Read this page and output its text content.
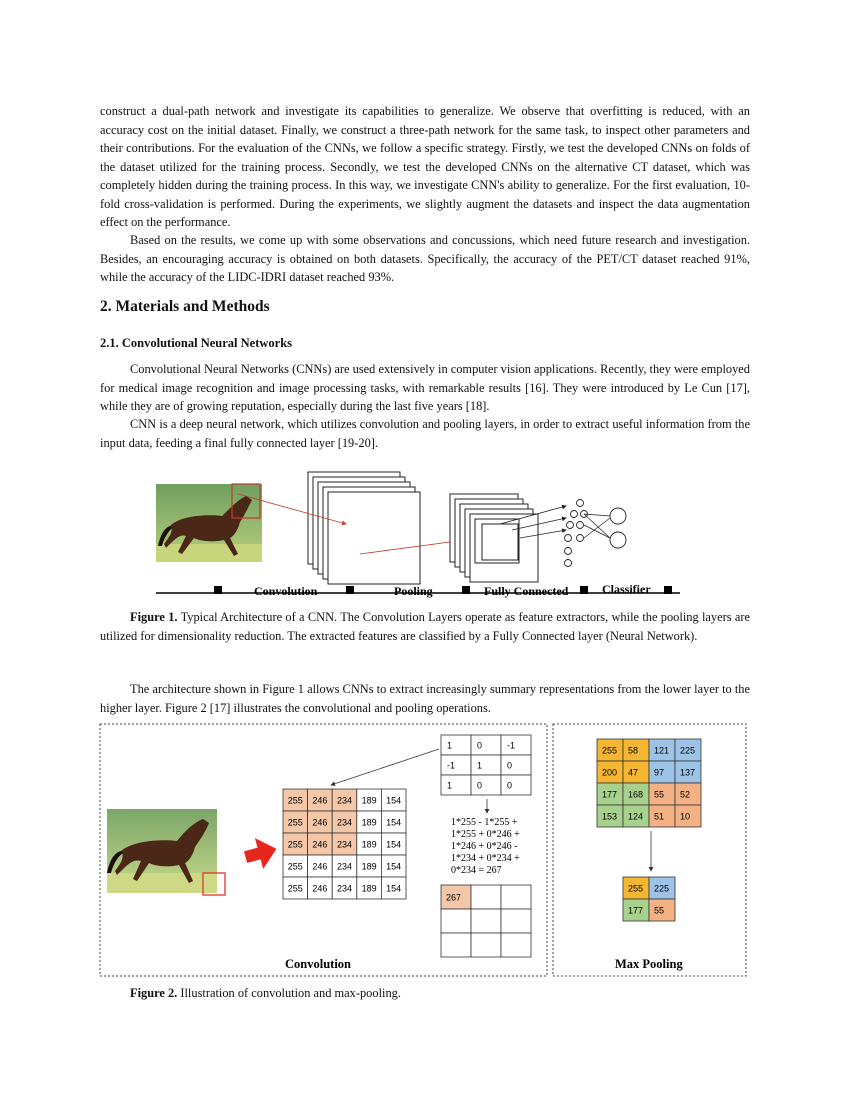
construct a dual-path network and investigate its capabilities to generalize. We observe that overfitting is reduced, with an accuracy cost on the initial dataset. Finally, we construct a three-path network for the same task, to inspect other parameters and their contributions. For the evaluation of the CNNs, we follow a specific strategy. Firstly, we test the developed CNNs on folds of the dataset utilized for the training process. Secondly, we test the developed CNNs on the alternative CT dataset, which was completely hidden during the training process. In this way, we investigate CNN's ability to generalize. For the first evaluation, 10-fold cross-validation is performed. During the experiments, we slightly augment the datasets and inspect the data augmentation effect on the performance.

Based on the results, we come up with some observations and concussions, which need future research and investigation. Besides, an encouraging accuracy is obtained on both datasets. Specifically, the accuracy of the PET/CT dataset reached 91%, while the accuracy of the LIDC-IDRI dataset reached 93%.

2. Materials and Methods
2.1. Convolutional Neural Networks

Convolutional Neural Networks (CNNs) are used extensively in computer vision applications. Recently, they were employed for medical image recognition and image processing tasks, with remarkable results [16]. They were introduced by Le Cun [17], while they are of growing reputation, especially during the last five years [18].

CNN is a deep neural network, which utilizes convolution and pooling layers, in order to extract useful information from the input data, feeding a final fully connected layer [19-20].

Figure 1. Typical Architecture of a CNN. The Convolution Layers operate as feature extractors, while the pooling layers are utilized for dimensionality reduction. The extracted features are classified by a Fully Connected layer (Neural Network).

The architecture shown in Figure 1 allows CNNs to extract increasingly summary representations from the lower layer to the higher layer. Figure 2 [17] illustrates the convolutional and pooling operations.

Figure 2. Illustration of convolution and max-pooling.

Convolution	Pooling	Fully Connected	Classifier
255 246 234 189 154
255 246 234 189 154
255 246 234 189 154
255 246 234 189 154
255 246 234 189 154
1	0	-1
-1 1	0
1	0	0
1*255 - 1*255 +
1*255 + 0*246 +
1*246 + 0*246 -
1*234 + 0*234 +
0*234 = 267
267
255 58 121 225
200 47 97 137
177 168 55 52
153 124 51 10
255 225
177 55
Convolution	Max Pooling
